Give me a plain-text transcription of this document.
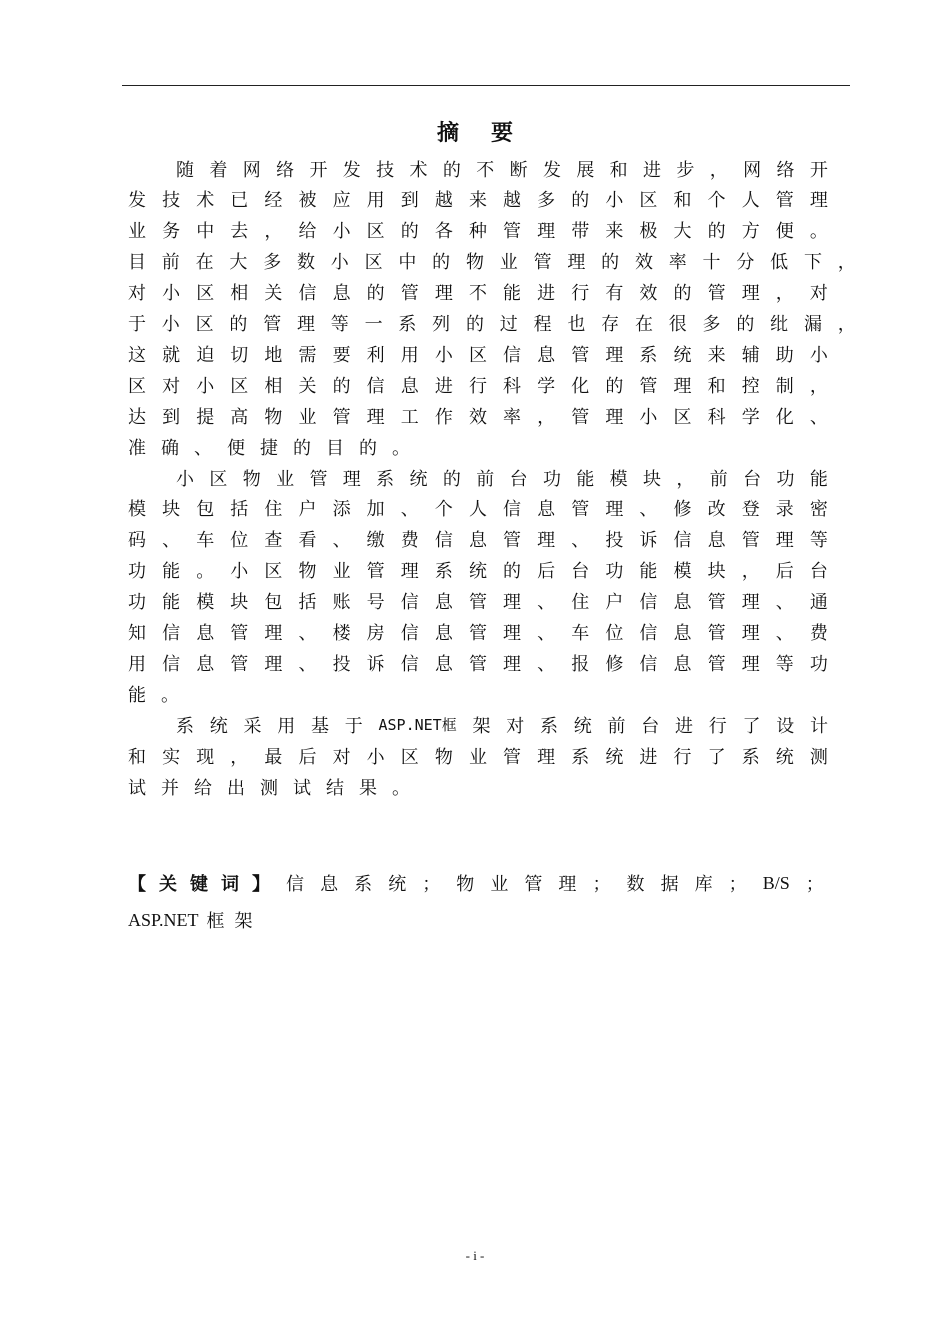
摘要
随 着 网 络 开 发 技 术 的 不 断 发 展 和 进 步 ， 网 络 开
发 技 术 已 经 被 应 用 到 越 来 越 多 的 小 区 和 个 人 管 理
业 务 中 去 ， 给 小 区 的 各 种 管 理 带 来 极 大 的 方 便 。
目 前 在 大 多 数 小 区 中 的 物 业 管 理 的 效 率 十 分 低 下 ，
对 小 区 相 关 信 息 的 管 理 不 能 进 行 有 效 的 管 理 ， 对
于 小 区 的 管 理 等 一 系 列 的 过 程 也 存 在 很 多 的 纰 漏 ，
这 就 迫 切 地 需 要 利 用 小 区 信 息 管 理 系 统 来 辅 助 小
区 对 小 区 相 关 的 信 息 进 行 科 学 化 的 管 理 和 控 制 ，
达 到 提 高 物 业 管 理 工 作 效 率 ， 管 理 小 区 科 学 化 、
准 确 、 便 捷 的 目 的 。
小 区 物 业 管 理 系 统 的 前 台 功 能 模 块 ， 前 台 功 能
模 块 包 括 住 户 添 加 、 个 人 信 息 管 理 、 修 改 登 录 密
码 、 车 位 查 看 、 缴 费 信 息 管 理 、 投 诉 信 息 管 理 等
功 能 。 小 区 物 业 管 理 系 统 的 后 台 功 能 模 块 ， 后 台
功 能 模 块 包 括 账 号 信 息 管 理 、 住 户 信 息 管 理 、 通
知 信 息 管 理 、 楼 房 信 息 管 理 、 车 位 信 息 管 理 、 费
用 信 息 管 理 、 投 诉 信 息 管 理 、 报 修 信 息 管 理 等 功
能 。
系 统 采 用 基 于 ASP.NET框 架 对 系 统 前 台 进 行 了 设 计
和 实 现 ， 最 后 对 小 区 物 业 管 理 系 统 进 行 了 系 统 测
试 并 给 出 测 试 结 果 。
【 关 键 词 】 信 息 系 统 ； 物 业 管 理 ； 数 据 库 ； B/S ；
ASP.NET 框架
- i -
